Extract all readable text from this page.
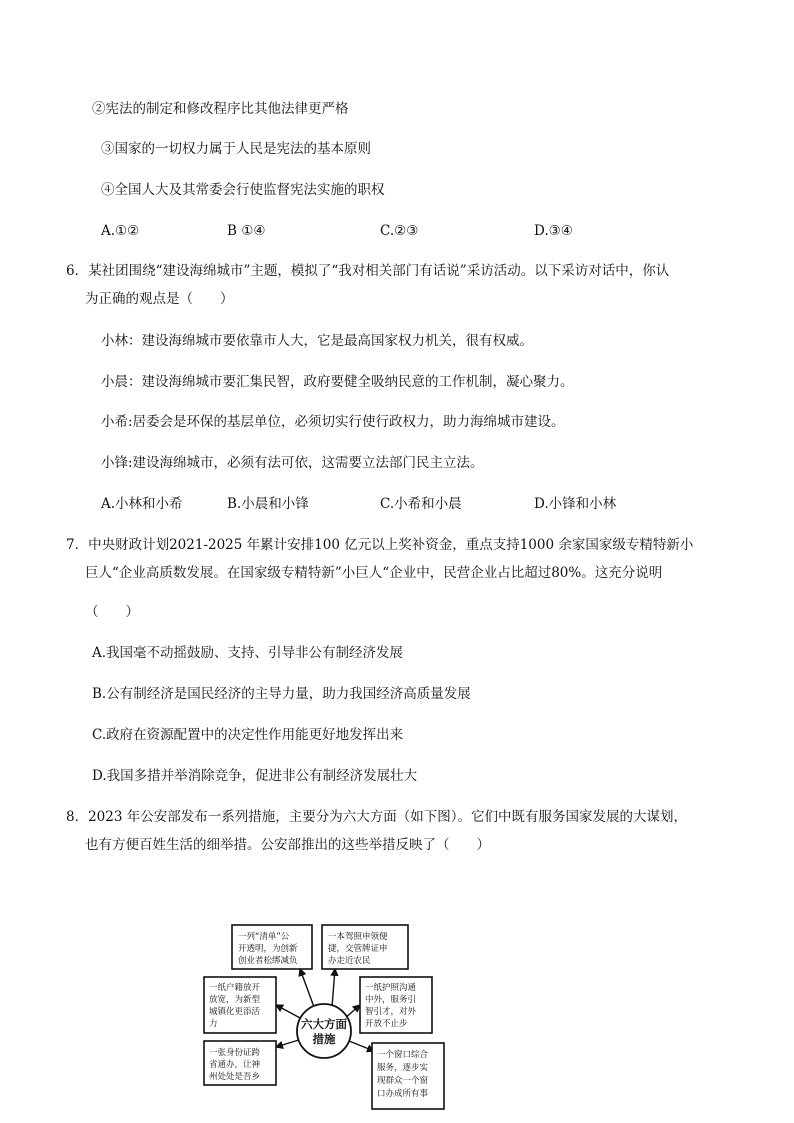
②宪法的制定和修改程序比其他法律更严格
③国家的一切权力属于人民是宪法的基本原则
④全国人大及其常委会行使监督宪法实施的职权
A.①②	B ①④	C.②③	D.③④
6．某社团围绕“建设海绵城市”主题，模拟了“我对相关部门有话说”采访活动。以下采访对话中，你认
为正确的观点是（　　）
小林：建设海绵城市要依靠市人大，它是最高国家权力机关，很有权威。
小晨：建设海绵城市要汇集民智，政府要健全吸纳民意的工作机制，凝心聚力。
小希:居委会是环保的基层单位，必须切实行使行政权力，助力海绵城市建设。
小锋:建设海绵城市，必须有法可依，这需要立法部门民主立法。
A.小林和小希	B.小晨和小锋	C.小希和小晨	D.小锋和小林
7．中央财政计划2021-2025 年累计安排100 亿元以上奖补资金，重点支持1000 余家国家级专精特新小
巨人“企业高质数发展。在国家级专精特新”小巨人“企业中，民营企业占比超过80%。这充分说明
（　　）
A.我国毫不动摇鼓励、支持、引导非公有制经济发展
B.公有制经济是国民经济的主导力量，助力我国经济高质量发展
C.政府在资源配置中的决定性作用能更好地发挥出来
D.我国多措并举消除竞争，促进非公有制经济发展壮大
8．2023 年公安部发布一系列措施，主要分为六大方面（如下图）。它们中既有服务国家发展的大谋划，
也有方便百姓生活的细举措。公安部推出的这些举措反映了（　　）
六大方面
措施
一列“清单”公
开透明，为创新
创业者松绑减负
一本驾照申领便
捷，交管牌证申
办走近农民
一纸户籍放开
放宽，为新型
城镇化更添活
力
一纸护照沟通
中外，服务引
智引才，对外
开放不止步
一张身份证跨
省通办，让神
州处处是吾乡
一个窗口综合
服务，逐步实
现群众一个窗
口办成所有事
